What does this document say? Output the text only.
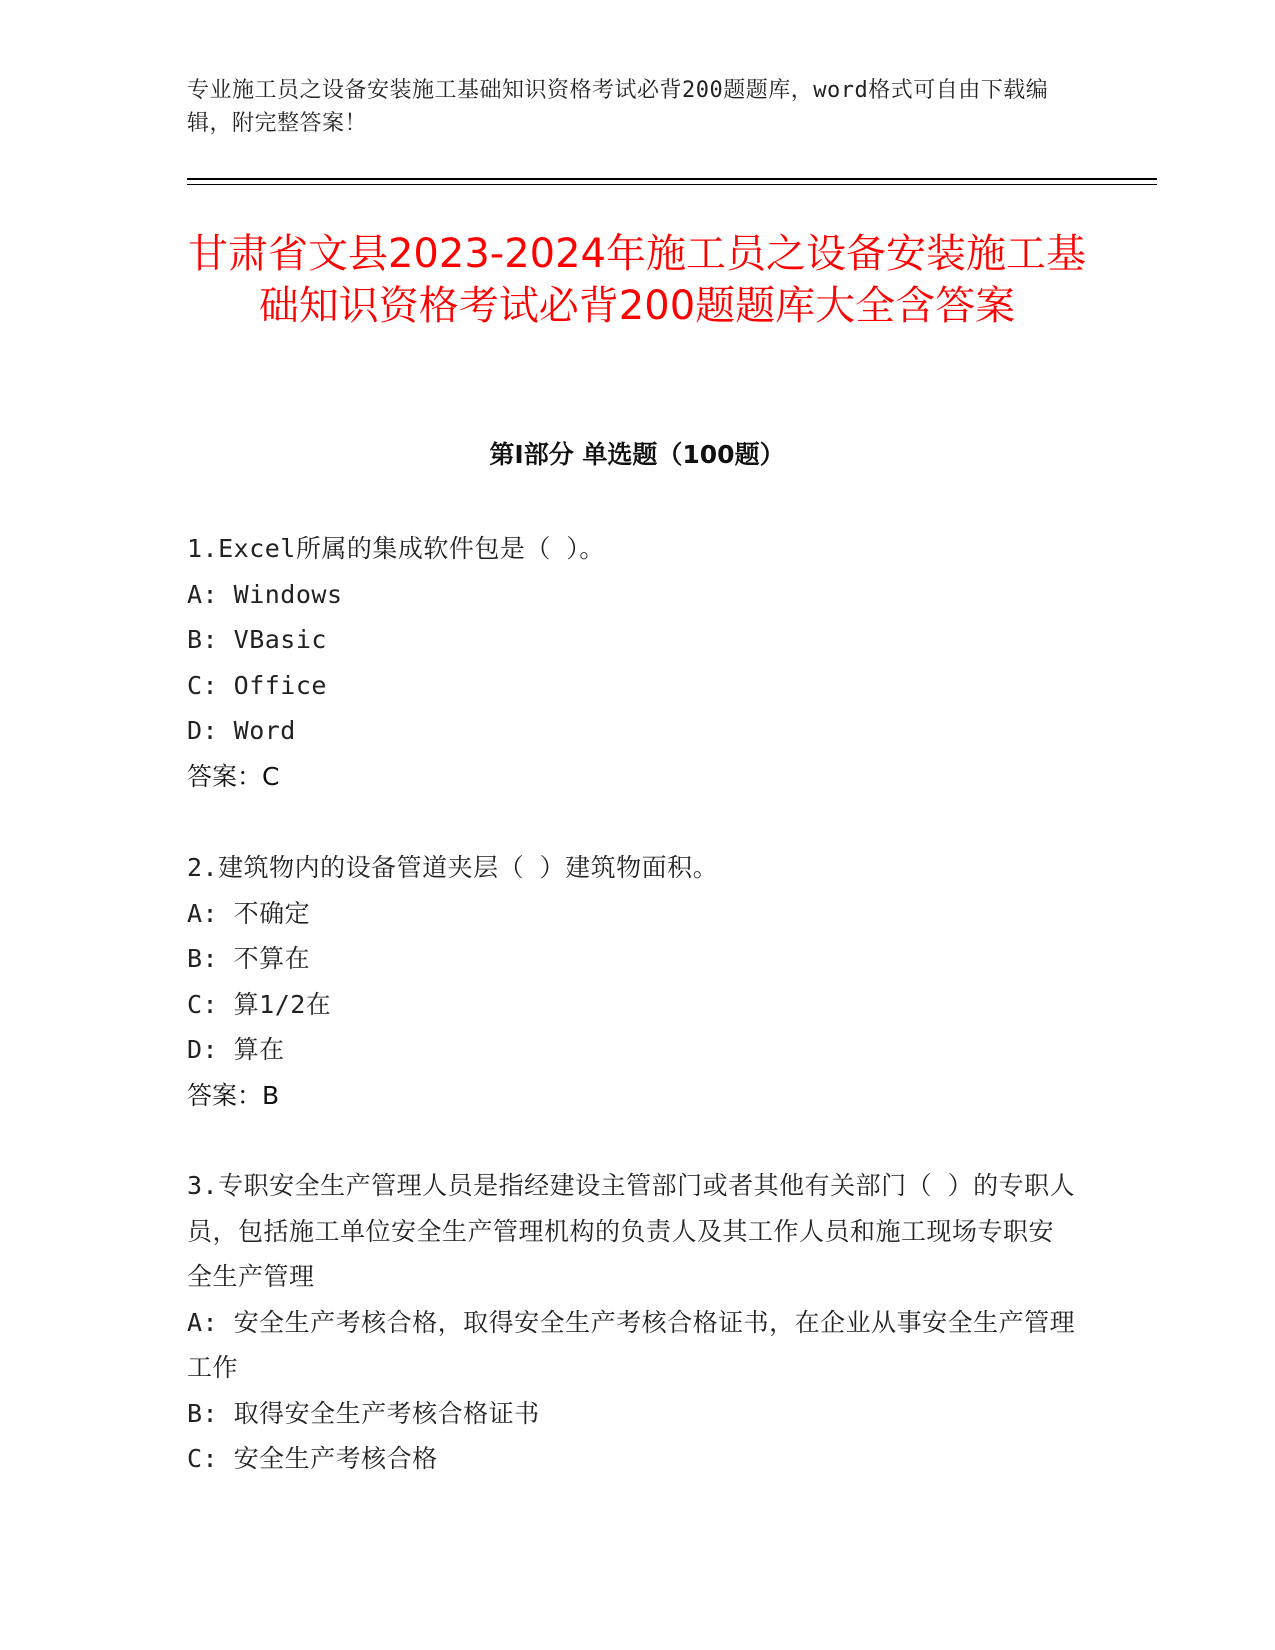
专业施工员之设备安装施工基础知识资格考试必背200题题库，word格式可自由下载编辑，附完整答案！
甘肃省文县2023-2024年施工员之设备安装施工基础知识资格考试必背200题题库大全含答案
第Ⅰ部分 单选题（100题）

1.Excel所属的集成软件包是（ ）。

A: Windows

B: VBasic

C: Office

D: Word

答案：C

2.建筑物内的设备管道夹层（ ）建筑物面积。

A: 不确定

B: 不算在

C: 算1/2在

D: 算在

答案：B

3.专职安全生产管理人员是指经建设主管部门或者其他有关部门（ ）的专职人员，包括施工单位安全生产管理机构的负责人及其工作人员和施工现场专职安全生产管理

A: 安全生产考核合格，取得安全生产考核合格证书，在企业从事安全生产管理工作

B: 取得安全生产考核合格证书

C: 安全生产考核合格
